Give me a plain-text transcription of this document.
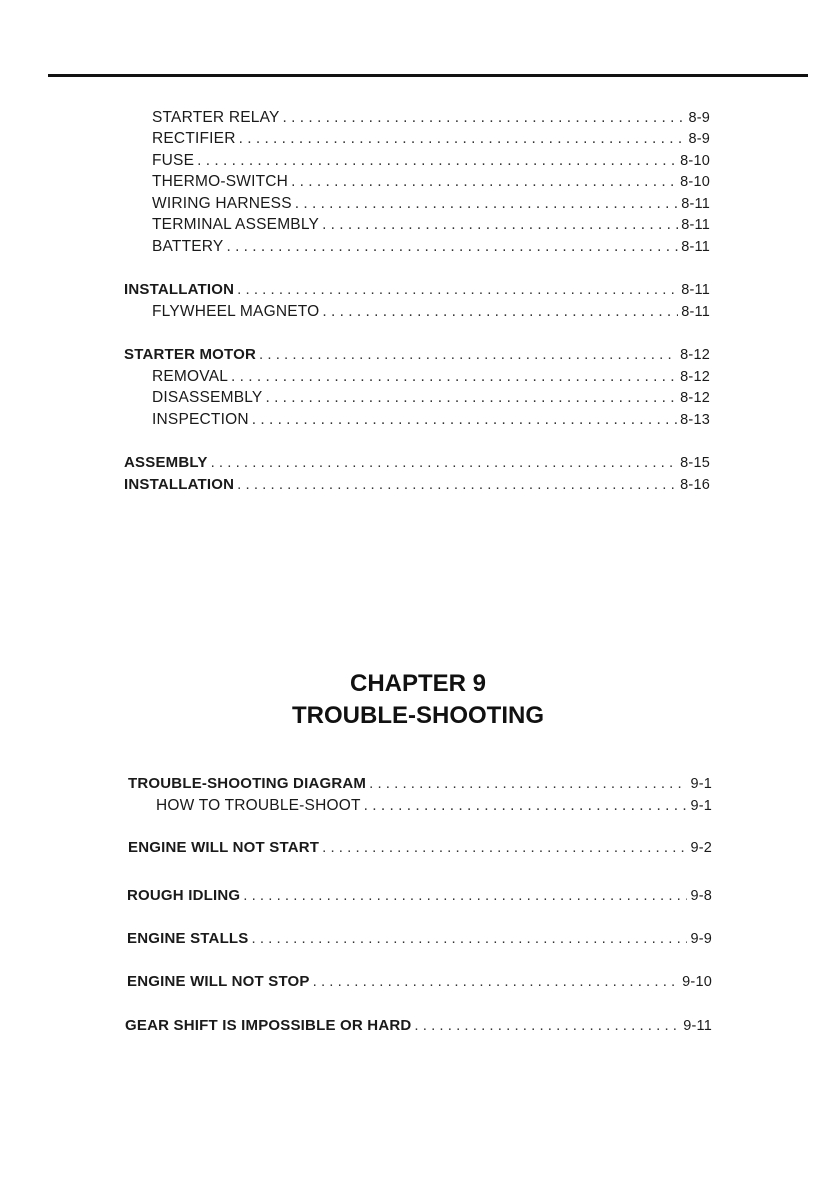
STARTER RELAY . . .	8-9
RECTIFIER . . .	8-9
FUSE . . .	8-10
THERMO-SWITCH . . .	8-10
WIRING HARNESS . . .	8-11
TERMINAL ASSEMBLY . . .	8-11
BATTERY . . .	8-11
INSTALLATION . . .	8-11
FLYWHEEL MAGNETO . . .	8-11
STARTER MOTOR . . .	8-12
REMOVAL . . .	8-12
DISASSEMBLY . . .	8-12
INSPECTION . . .	8-13
ASSEMBLY . . .	8-15
INSTALLATION . . .	8-16
CHAPTER 9
TROUBLE-SHOOTING
TROUBLE-SHOOTING DIAGRAM . . .	9-1
HOW TO TROUBLE-SHOOT . . .	9-1
ENGINE WILL NOT START . . .	9-2
ROUGH IDLING . . .	9-8
ENGINE STALLS . . .	9-9
ENGINE WILL NOT STOP . . .	9-10
GEAR SHIFT IS IMPOSSIBLE OR HARD . . .	9-11
